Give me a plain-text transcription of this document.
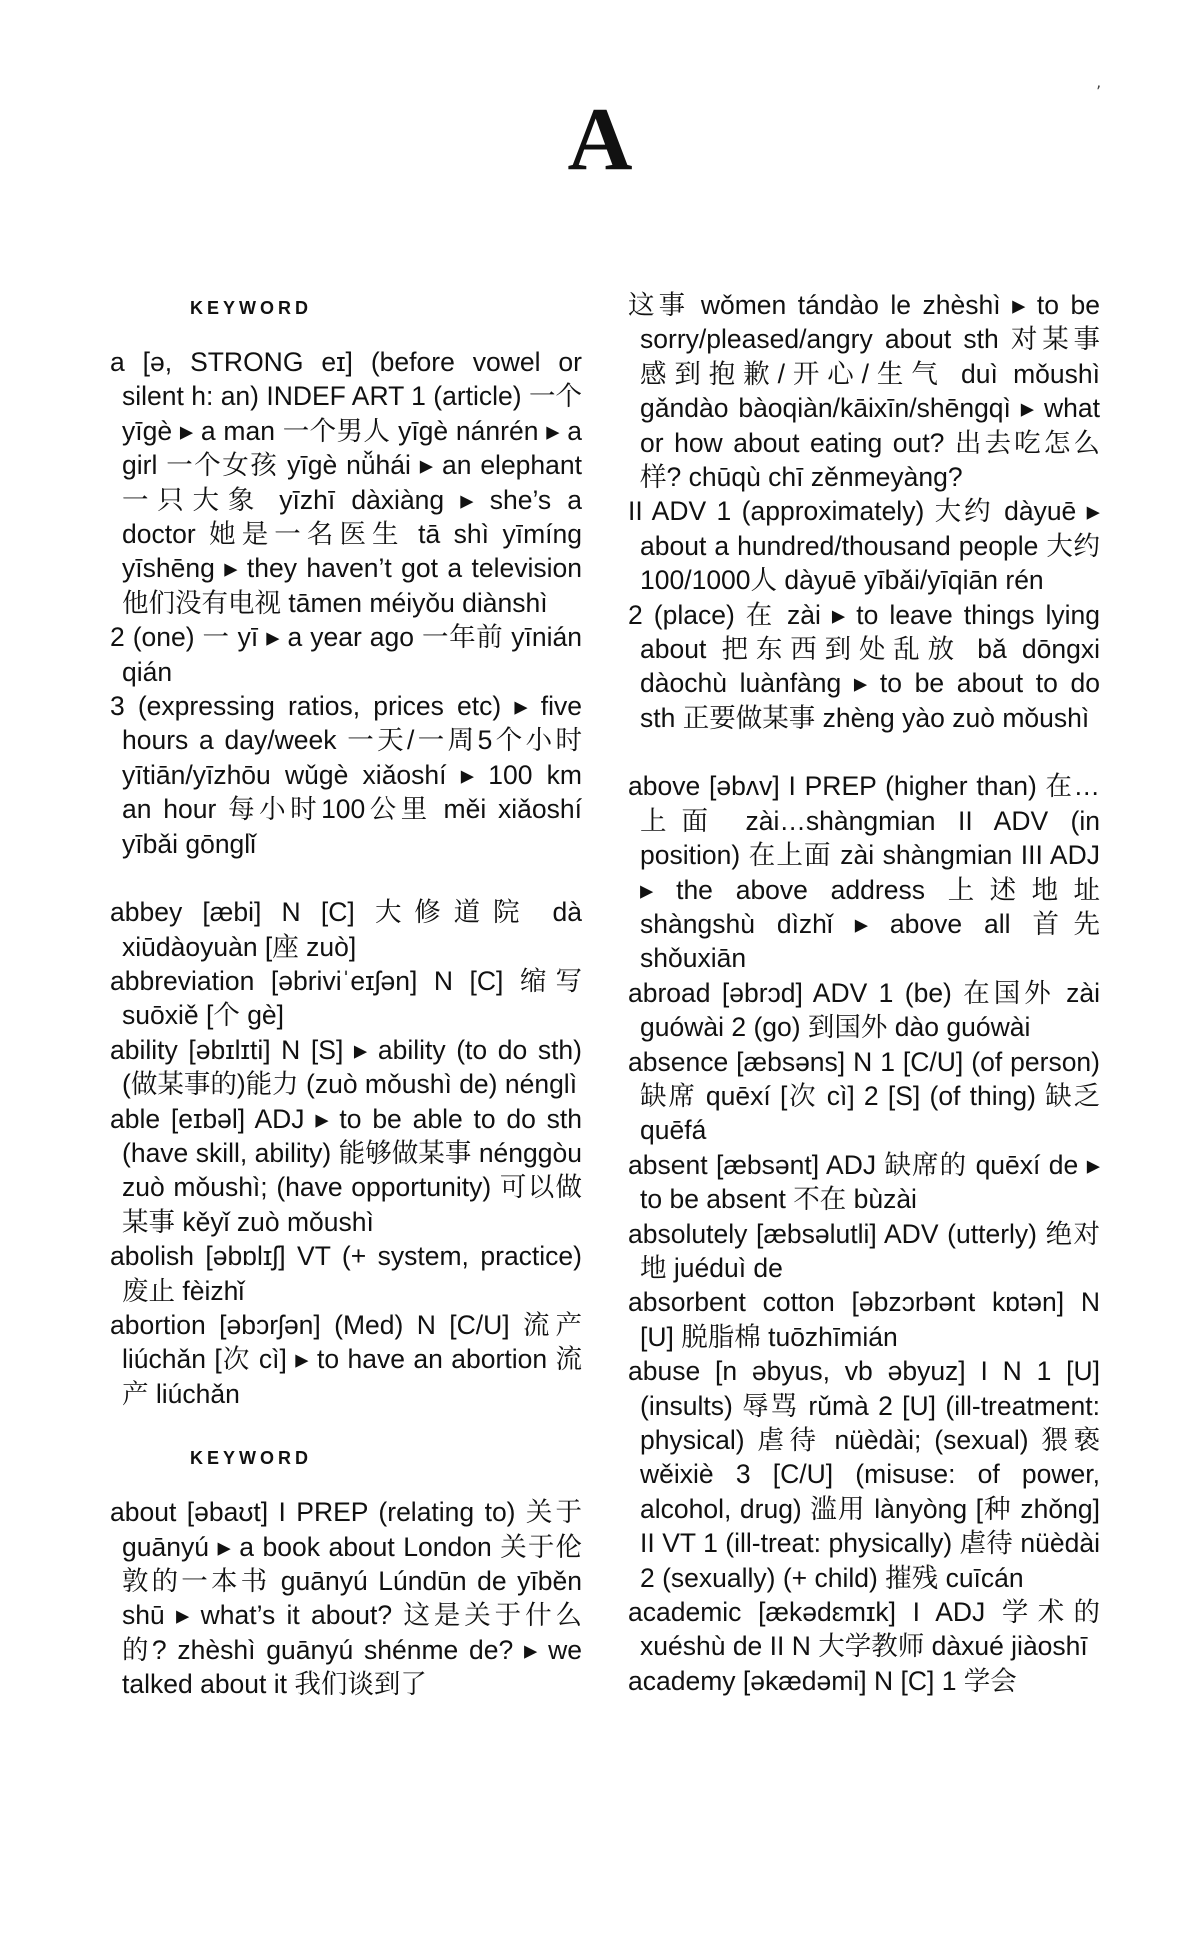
A	’
KEYWORD
a [ə, STRONG eɪ] (before vowel or silent h: an) INDEF ART 1 (article) 一个 yīgè ▸ a man 一个男人 yīgè nánrén ▸ a girl 一个女孩 yīgè nǚhái ▸ an elephant 一只大象 yīzhī dàxiàng ▸ she’s a doctor 她是一名医生 tā shì yīmíng yīshēng ▸ they haven’t got a television 他们没有电视 tāmen méiyǒu diànshì
2 (one) 一 yī ▸ a year ago 一年前 yīnián qián
3 (expressing ratios, prices etc) ▸ five hours a day/week 一天/一周5个小时 yītiān/yīzhōu wǔgè xiǎoshí ▸ 100 km an hour 每小时100公里 měi xiǎoshí yībǎi gōnglǐ
abbey [æbi] N [C] 大修道院 dà xiūdàoyuàn [座 zuò]
abbreviation [əbriviˈeɪʃən] N [C] 缩写 suōxiě [个 gè]
ability [əbɪlɪti] N [S] ▸ ability (to do sth) (做某事的)能力 (zuò mǒushì de) nénglì
able [eɪbəl] ADJ ▸ to be able to do sth (have skill, ability) 能够做某事 nénggòu zuò mǒushì; (have opportunity) 可以做某事 kěyǐ zuò mǒushì
abolish [əbɒlɪʃ] VT (+ system, practice) 废止 fèizhǐ
abortion [əbɔrʃən] (Med) N [C/U] 流产 liúchǎn [次 cì] ▸ to have an abortion 流产 liúchǎn
KEYWORD
about [əbaʊt] I PREP (relating to) 关于 guānyú ▸ a book about London 关于伦敦的一本书 guānyú Lúndūn de yīběn shū ▸ what’s it about? 这是关于什么的? zhèshì guānyú shénme de? ▸ we talked about it 我们谈到了
这事 wǒmen tándào le zhèshì ▸ to be sorry/pleased/angry about sth 对某事感到抱歉/开心/生气 duì mǒushì gǎndào bàoqiàn/kāixīn/shēngqì ▸ what or how about eating out? 出去吃怎么样? chūqù chī zěnmeyàng?
II ADV 1 (approximately) 大约 dàyuē ▸ about a hundred/thousand people 大约100/1000人 dàyuē yībǎi/yīqiān rén
2 (place) 在 zài ▸ to leave things lying about 把东西到处乱放 bǎ dōngxi dàochù luànfàng ▸ to be about to do sth 正要做某事 zhèng yào zuò mǒushì
above [əbʌv] I PREP (higher than) 在…上面 zài…shàngmian II ADV (in position) 在上面 zài shàngmian III ADJ ▸ the above address 上述地址 shàngshù dìzhǐ ▸ above all 首先 shǒuxiān
abroad [əbrɔd] ADV 1 (be) 在国外 zài guówài 2 (go) 到国外 dào guówài
absence [æbsəns] N 1 [C/U] (of person) 缺席 quēxí [次 cì] 2 [S] (of thing) 缺乏 quēfá
absent [æbsənt] ADJ 缺席的 quēxí de ▸ to be absent 不在 bùzài
absolutely [æbsəlutli] ADV (utterly) 绝对地 juéduì de
absorbent cotton [əbzɔrbənt kɒtən] N [U] 脱脂棉 tuōzhīmián
abuse [n əbyus, vb əbyuz] I N 1 [U] (insults) 辱骂 rǔmà 2 [U] (ill-treatment: physical) 虐待 nüèdài; (sexual) 猥亵 wěixiè 3 [C/U] (misuse: of power, alcohol, drug) 滥用 lànyòng [种 zhǒng] II VT 1 (ill-treat: physically) 虐待 nüèdài 2 (sexually) (+ child) 摧残 cuīcán
academic [ækədɛmɪk] I ADJ 学术的 xuéshù de II N 大学教师 dàxué jiàoshī
academy [əkædəmi] N [C] 1 学会
